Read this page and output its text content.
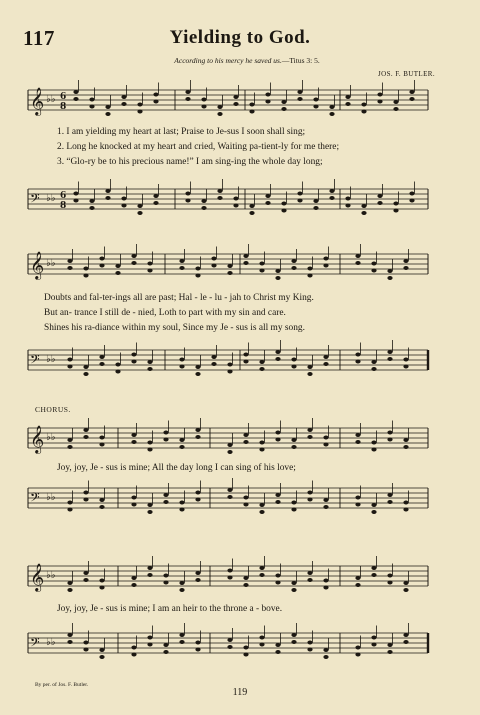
117	Yielding to God.
According to his mercy he saved us.—Titus 3: 5.
JOS. F. BUTLER.
𝄞 ♭♭ 6
8
𝄢 ♭♭ 6
8
𝄞 ♭♭
𝄢 ♭♭
𝄞 ♭♭
𝄢 ♭♭
𝄞 ♭♭
𝄢 ♭♭
1. I am yielding my heart at last; Praise to Je-sus I soon shall sing;
2. Long he knocked at my heart and cried, Waiting pa-tient-ly for me there;
3. “Glo-ry be to his precious name!” I am sing-ing the whole day long;
Doubts and fal-ter-ings all are past; Hal - le - lu - jah to Christ my King.
But an- trance I still de - nied, Loth to part with my sin and care.
Shines his ra-diance within my soul, Since my Je - sus is all my song.
CHORUS.
Joy, joy, Je - sus is mine; All the day long I can sing of his love;
Joy, joy, Je - sus is mine; I am an heir to the throne a - bove.
By per. of Jos. F. Butler.
119
